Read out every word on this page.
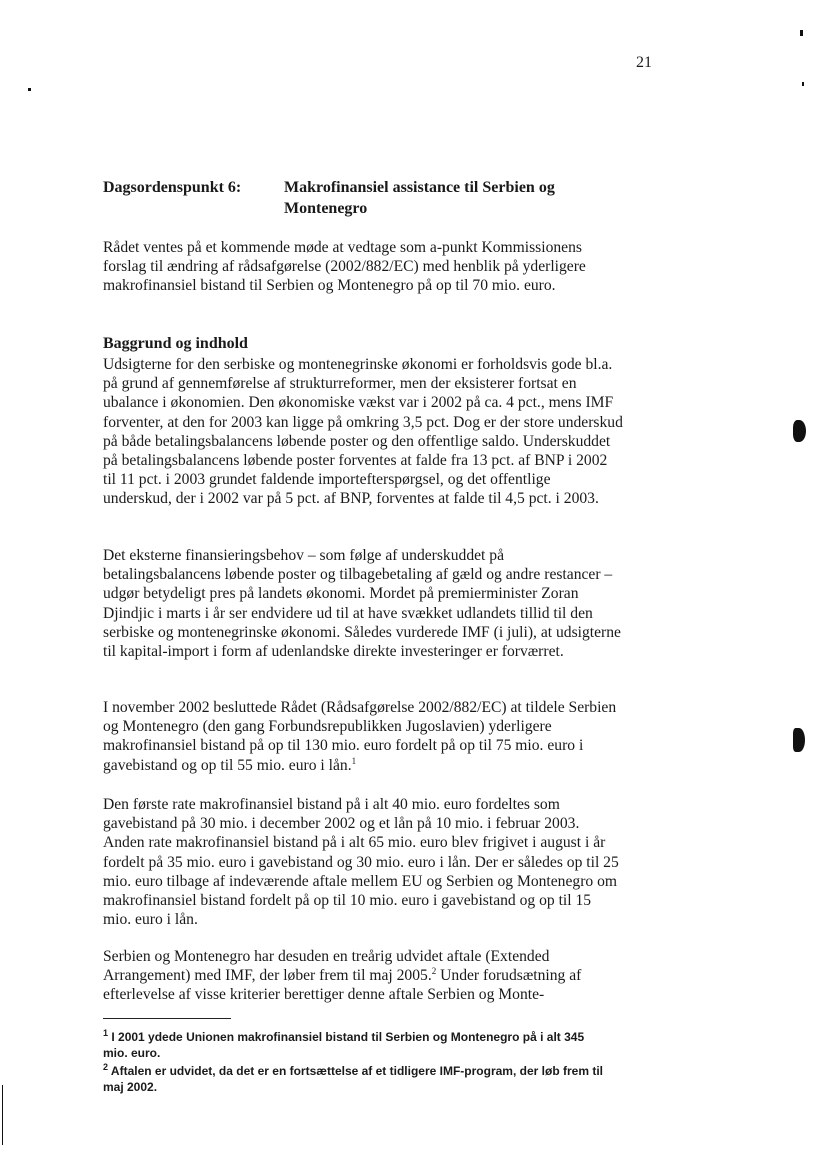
21
Dagsordenspunkt 6:	Makrofinansiel assistance til Serbien og Montenegro
Rådet ventes på et kommende møde at vedtage som a-punkt Kommissionens forslag til ændring af rådsafgørelse (2002/882/EC) med henblik på yderligere makrofinansiel bistand til Serbien og Montenegro på op til 70 mio. euro.
Baggrund og indhold
Udsigterne for den serbiske og montenegrinske økonomi er forholdsvis gode bl.a. på grund af gennemførelse af strukturreformer, men der eksisterer fortsat en ubalance i økonomien. Den økonomiske vækst var i 2002 på ca. 4 pct., mens IMF forventer, at den for 2003 kan ligge på omkring 3,5 pct. Dog er der store underskud på både betalingsbalancens løbende poster og den offentlige saldo. Underskuddet på betalingsbalancens løbende poster forventes at falde fra 13 pct. af BNP i 2002 til 11 pct. i 2003 grundet faldende importefterspørgsel, og det offentlige underskud, der i 2002 var på 5 pct. af BNP, forventes at falde til 4,5 pct. i 2003.
Det eksterne finansieringsbehov – som følge af underskuddet på betalingsbalancens løbende poster og tilbagebetaling af gæld og andre restancer – udgør betydeligt pres på landets økonomi. Mordet på premierminister Zoran Djindjic i marts i år ser endvidere ud til at have svækket udlandets tillid til den serbiske og montenegrinske økonomi. Således vurderede IMF (i juli), at udsigterne til kapital-import i form af udenlandske direkte investeringer er forværret.
I november 2002 besluttede Rådet (Rådsafgørelse 2002/882/EC) at tildele Serbien og Montenegro (den gang Forbundsrepublikken Jugoslavien) yderligere makrofinansiel bistand på op til 130 mio. euro fordelt på op til 75 mio. euro i gavebistand og op til 55 mio. euro i lån.$^1$
Den første rate makrofinansiel bistand på i alt 40 mio. euro fordeltes som gavebistand på 30 mio. i december 2002 og et lån på 10 mio. i februar 2003. Anden rate makrofinansiel bistand på i alt 65 mio. euro blev frigivet i august i år fordelt på 35 mio. euro i gavebistand og 30 mio. euro i lån. Der er således op til 25 mio. euro tilbage af indeværende aftale mellem EU og Serbien og Montenegro om makrofinansiel bistand fordelt på op til 10 mio. euro i gavebistand og op til 15 mio. euro i lån.
Serbien og Montenegro har desuden en treårig udvidet aftale (Extended Arrangement) med IMF, der løber frem til maj 2005.$^2$ Under forudsætning af efterlevelse af visse kriterier berettiger denne aftale Serbien og Monte-
$^1$ I 2001 ydede Unionen makrofinansiel bistand til Serbien og Montenegro på i alt 345 mio. euro.
$^2$ Aftalen er udvidet, da det er en fortsættelse af et tidligere IMF-program, der løb frem til maj 2002.
